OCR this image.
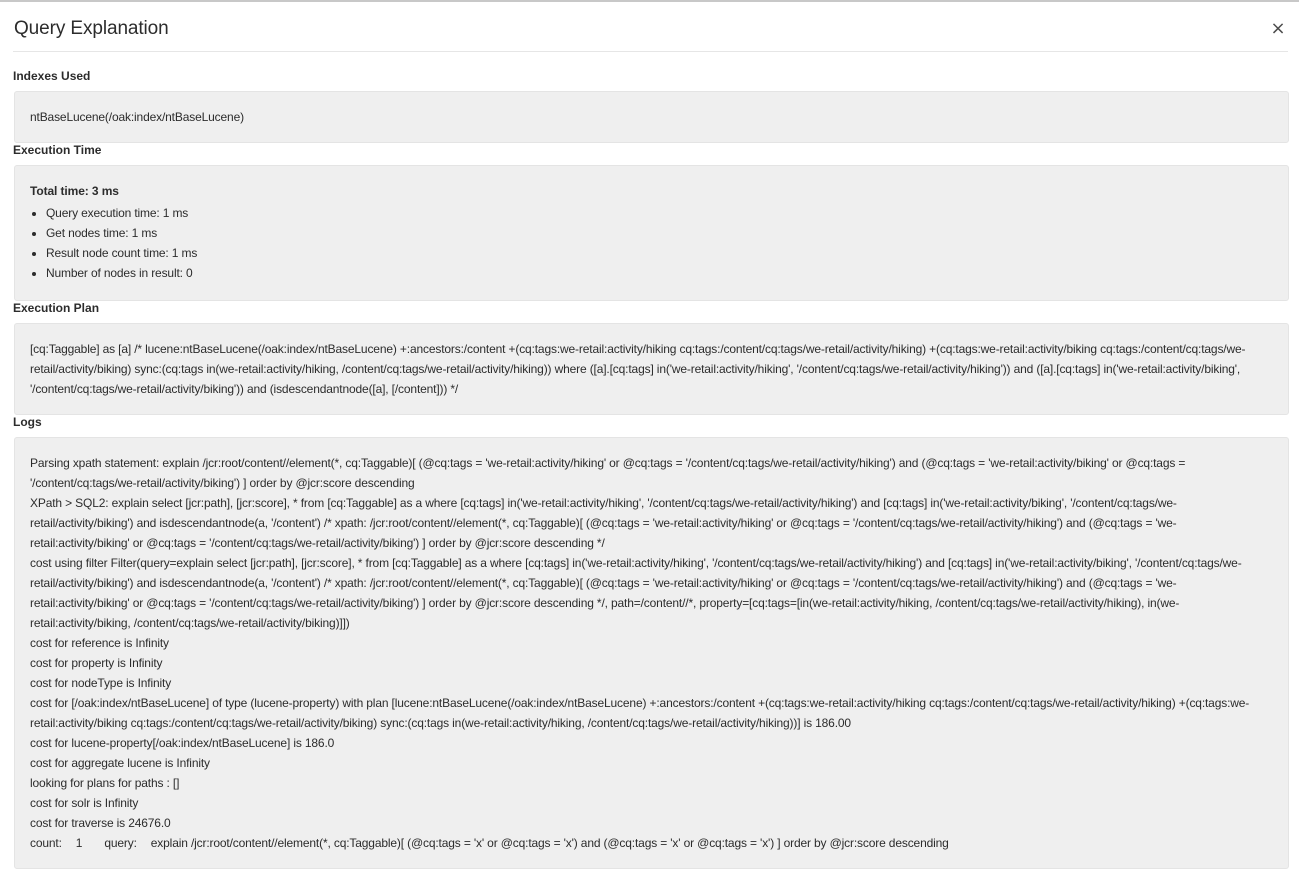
Query Explanation	×
Indexes Used

ntBaseLucene(/oak:index/ntBaseLucene)

Execution Time

Total time: 3 ms

• Query execution time: 1 ms
• Get nodes time: 1 ms
• Result node count time: 1 ms
• Number of nodes in result: 0
Execution Plan

[cq:Taggable] as [a] /* lucene:ntBaseLucene(/oak:index/ntBaseLucene) +:ancestors:/content +(cq:tags:we-retail:activity/hiking cq:tags:/content/cq:tags/we-retail/activity/hiking) +(cq:tags:we-retail:activity/biking cq:tags:/content/cq:tags/we-retail/activity/biking) sync:(cq:tags in(we-retail:activity/hiking, /content/cq:tags/we-retail/activity/hiking)) where ([a].[cq:tags] in('we-retail:activity/hiking', '/content/cq:tags/we-retail/activity/hiking')) and ([a].[cq:tags] in('we-retail:activity/biking', '/content/cq:tags/we-retail/activity/biking')) and (isdescendantnode([a], [/content])) */

Logs

Parsing xpath statement: explain /jcr:root/content//element(*, cq:Taggable)[ (@cq:tags = 'we-retail:activity/hiking' or @cq:tags = '/content/cq:tags/we-retail/activity/hiking') and (@cq:tags = 'we-retail:activity/biking' or @cq:tags = '/content/cq:tags/we-retail/activity/biking') ] order by @jcr:score descending

XPath > SQL2: explain select [jcr:path], [jcr:score], * from [cq:Taggable] as a where [cq:tags] in('we-retail:activity/hiking', '/content/cq:tags/we-retail/activity/hiking') and [cq:tags] in('we-retail:activity/biking', '/content/cq:tags/we-retail/activity/biking') and isdescendantnode(a, '/content') /* xpath: /jcr:root/content//element(*, cq:Taggable)[ (@cq:tags = 'we-retail:activity/hiking' or @cq:tags = '/content/cq:tags/we-retail/activity/hiking') and (@cq:tags = 'we-retail:activity/biking' or @cq:tags = '/content/cq:tags/we-retail/activity/biking') ] order by @jcr:score descending */

cost using filter Filter(query=explain select [jcr:path], [jcr:score], * from [cq:Taggable] as a where [cq:tags] in('we-retail:activity/hiking', '/content/cq:tags/we-retail/activity/hiking') and [cq:tags] in('we-retail:activity/biking', '/content/cq:tags/we-retail/activity/biking') and isdescendantnode(a, '/content') /* xpath: /jcr:root/content//element(*, cq:Taggable)[ (@cq:tags = 'we-retail:activity/hiking' or @cq:tags = '/content/cq:tags/we-retail/activity/hiking') and (@cq:tags = 'we-retail:activity/biking' or @cq:tags = '/content/cq:tags/we-retail/activity/biking') ] order by @jcr:score descending */, path=/content//*, property=[cq:tags=[in(we-retail:activity/hiking, /content/cq:tags/we-retail/activity/hiking), in(we-retail:activity/biking, /content/cq:tags/we-retail/activity/biking)]])

cost for reference is Infinity

cost for property is Infinity

cost for nodeType is Infinity

cost for [/oak:index/ntBaseLucene] of type (lucene-property) with plan [lucene:ntBaseLucene(/oak:index/ntBaseLucene) +:ancestors:/content +(cq:tags:we-retail:activity/hiking cq:tags:/content/cq:tags/we-retail/activity/hiking) +(cq:tags:we-retail:activity/biking cq:tags:/content/cq:tags/we-retail/activity/biking) sync:(cq:tags in(we-retail:activity/hiking, /content/cq:tags/we-retail/activity/hiking))] is 186.00

cost for lucene-property[/oak:index/ntBaseLucene] is 186.0

cost for aggregate lucene is Infinity

looking for plans for paths : []

cost for solr is Infinity

cost for traverse is 24676.0

count: 1 query: explain /jcr:root/content//element(*, cq:Taggable)[ (@cq:tags = 'x' or @cq:tags = 'x') and (@cq:tags = 'x' or @cq:tags = 'x') ] order by @jcr:score descending
